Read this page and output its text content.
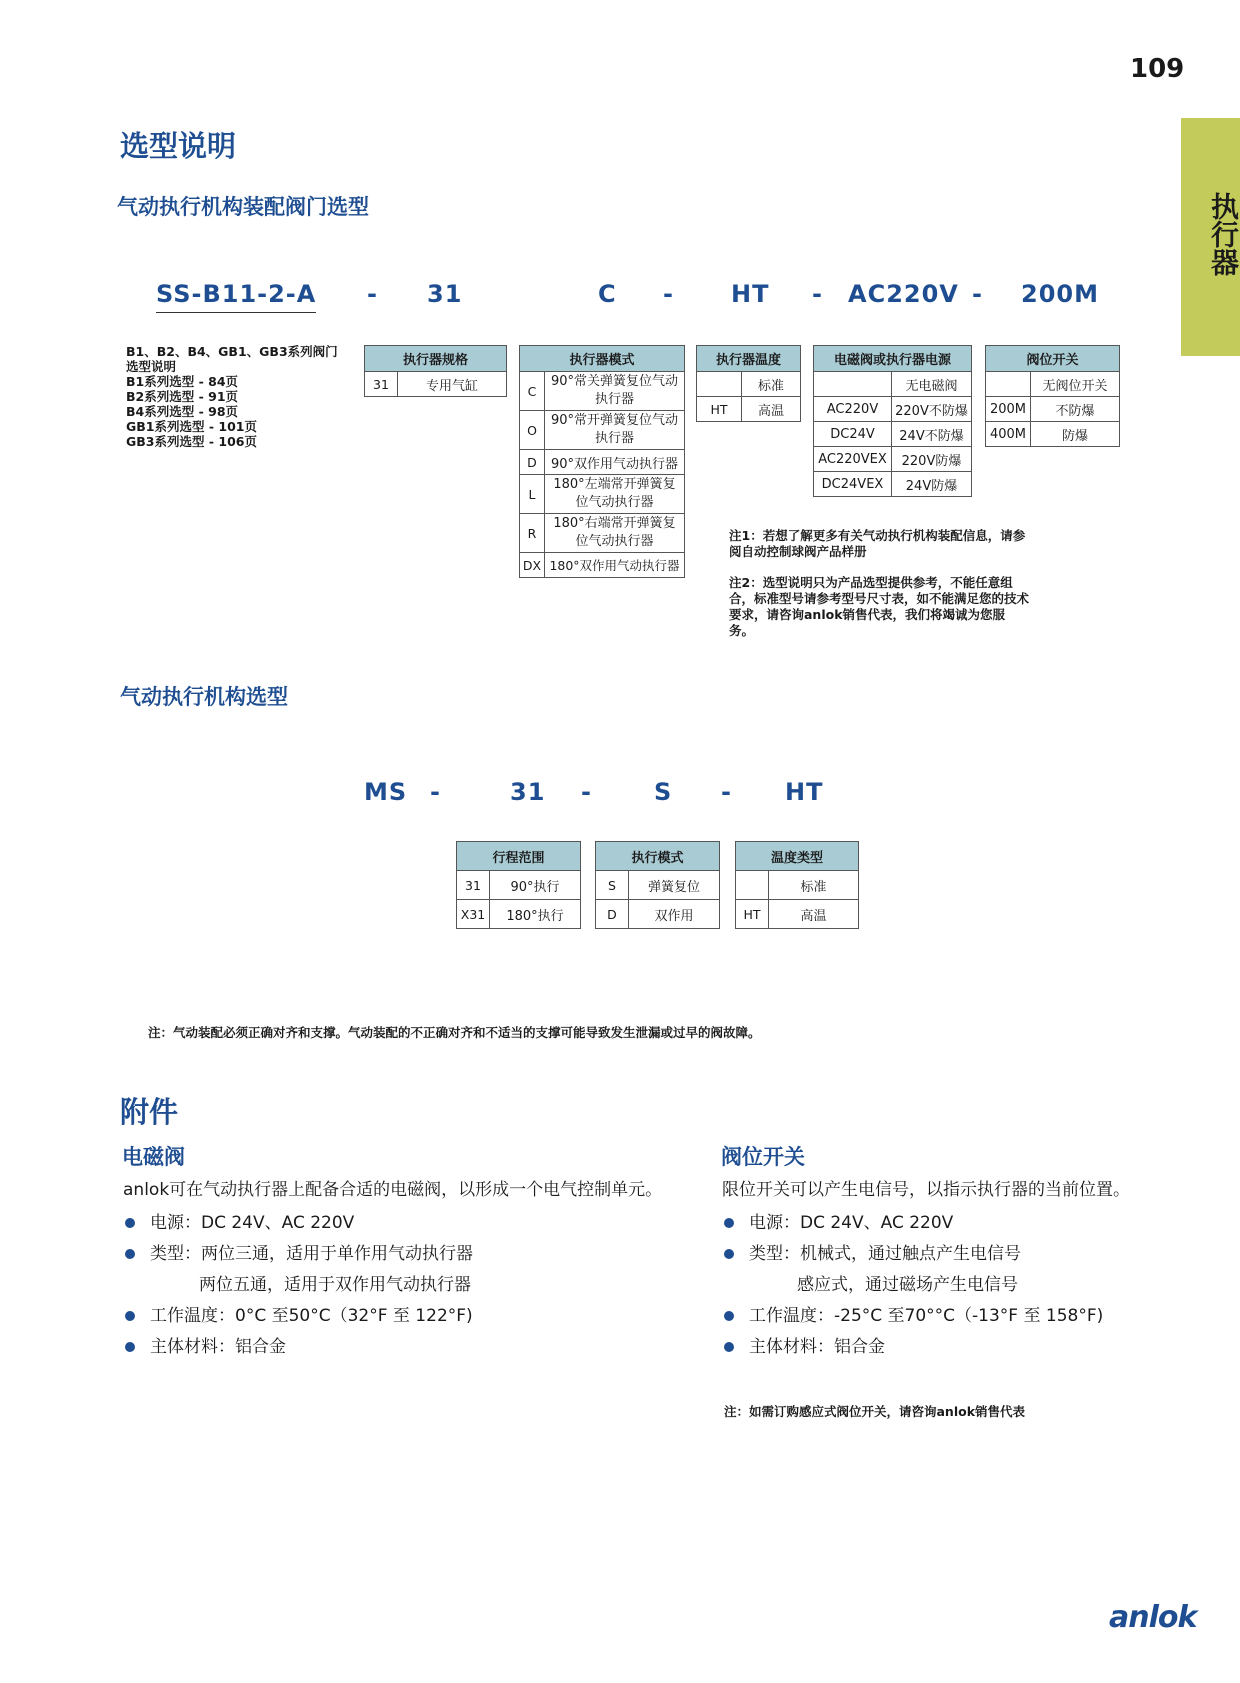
109
执行器
选型说明
气动执行机构装配阀门选型
SS-B11-2-A - 31	C - HT - AC220V - 200M
B1、B2、B4、GB1、GB3系列阀门
选型说明
B1系列选型 - 84页
B2系列选型 - 91页
B4系列选型 - 98页
GB1系列选型 - 101页
GB3系列选型 - 106页
执行器规格
31	专用气缸
执行器模式	
C	90°常关弹簧复位气动执行器
O	90°常开弹簧复位气动执行器
D	90°双作用气动执行器
L	180°左端常开弹簧复位气动执行器
R	180°右端常开弹簧复位气动执行器
DX	180°双作用气动执行器
执行器温度	
	标准
HT	高温
电磁阀或执行器电源	
	无电磁阀
AC220V	220V不防爆
DC24V	24V不防爆
AC220VEX	220V防爆
DC24VEX	24V防爆
阀位开关	
	无阀位开关
200M	不防爆
400M	防爆
注1：若想了解更多有关气动执行机构装配信息，请参阅自动控制球阀产品样册
注2：选型说明只为产品选型提供参考，不能任意组合，标准型号请参考型号尺寸表，如不能满足您的技术要求，请咨询anlok销售代表，我们将竭诚为您服务。
气动执行机构选型
MS -	31 -	S - HT
行程范围	
31	90°执行
X31	180°执行
执行模式	
S	弹簧复位
D	双作用
温度类型	
	标准
HT	高温
注：气动装配必须正确对齐和支撑。气动装配的不正确对齐和不适当的支撑可能导致发生泄漏或过早的阀故障。
附件
电磁阀
anlok可在气动执行器上配备合适的电磁阀，以形成一个电气控制单元。
电源：DC 24V、AC 220V
类型：两位三通，适用于单作用气动执行器
两位五通，适用于双作用气动执行器
工作温度：0°C 至50°C（32°F 至 122°F)
主体材料：铝合金
阀位开关
限位开关可以产生电信号，以指示执行器的当前位置。
电源：DC 24V、AC 220V
类型：机械式，通过触点产生电信号
感应式，通过磁场产生电信号
工作温度：-25°C 至70°°C（-13°F 至 158°F)
主体材料：铝合金
注：如需订购感应式阀位开关，请咨询anlok销售代表
anlok
